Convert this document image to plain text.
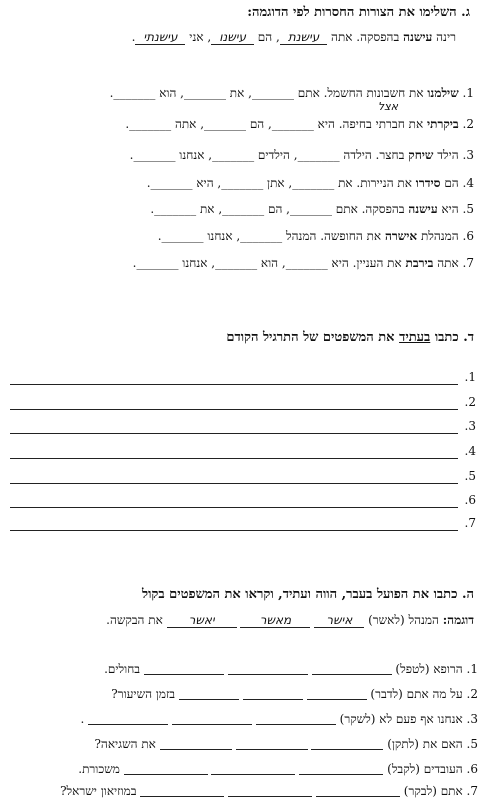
ג. השלימו את הצורות החסרות לפי הדוגמה:
רינה עישנה בהפסקה. אתה עישנת, הם עישנו, אני עישנתי.
אצל
1. שילמנו את חשבונות החשמל. אתם _______, את _______, הוא _______.
2. ביקרתי את חברתי בחיפה. היא _______, הם _______, אתה _______.
3. הילד שיחק בחצר. הילדה _______, הילדים _______, אנחנו _______.
4. הם סידרו את הניירות. את _______, אתן _______, היא _______.
5. היא עישנה בהפסקה. אתם _______, הם _______, את _______.
6. המנהלת אישרה את החופשה. המנהל _______, אנחנו _______.
7. אתה בירבת את העניין. היא _______, הוא _______, אנחנו _______.
ד. כתבו בעתיד את המשפטים של התרגיל הקודם
1.
2.
3.
4.
5.
6.
7.
ה. כתבו את הפועל בעבר, הווה ועתיד, וקראו את המשפטים בקול
דוגמה: המנהל (לאשר) אישר מאשר יאשר את הבקשה.
1. הרופא (לטפל)    בחולים.
2. על מה אתם (לדבר)    בזמן השיעור?
3. אנחנו אף פעם לא (לשקר)    .
5. האם את (לתקן)    את השגיאה?
6. העובדים (לקבל)    משכורת.
7. אתם (לבקר)    במוזיאון ישראל?
